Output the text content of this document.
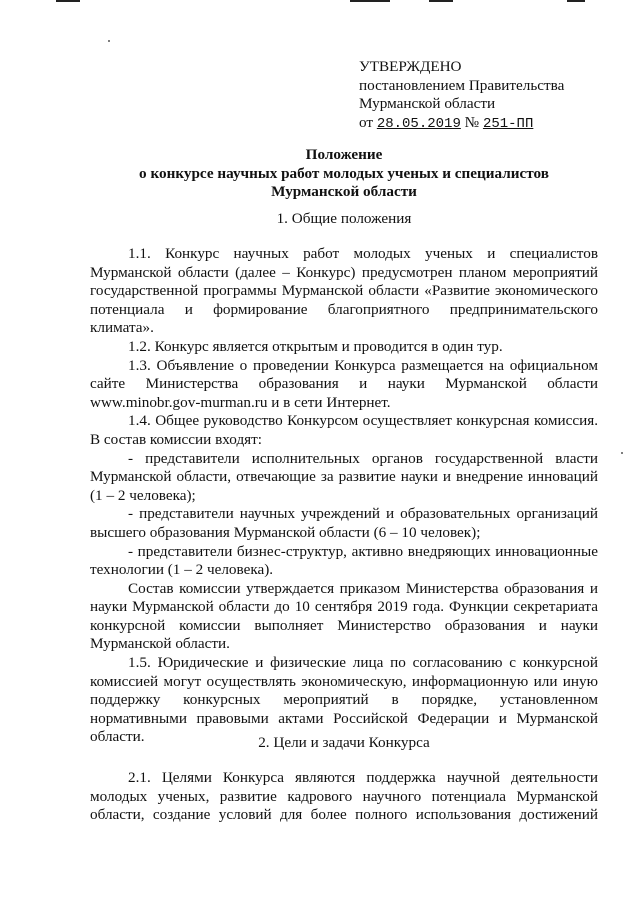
УТВЕРЖДЕНО
постановлением Правительства
Мурманской области
от 28.05.2019 № 251-ПП
Положение
о конкурсе научных работ молодых ученых и специалистов
Мурманской области
1. Общие положения

1.1. Конкурс научных работ молодых ученых и специалистов Мурманской области (далее – Конкурс) предусмотрен планом мероприятий государственной программы Мурманской области «Развитие экономического потенциала и формирование благоприятного предпринимательского климата».

1.2. Конкурс является открытым и проводится в один тур.

1.3. Объявление о проведении Конкурса размещается на официальном сайте Министерства образования и науки Мурманской области www.minobr.gov-murman.ru и в сети Интернет.

1.4. Общее руководство Конкурсом осуществляет конкурсная комиссия. В состав комиссии входят:

- представители исполнительных органов государственной власти Мурманской области, отвечающие за развитие науки и внедрение инноваций (1 – 2 человека);

- представители научных учреждений и образовательных организаций высшего образования Мурманской области (6 – 10 человек);

- представители бизнес-структур, активно внедряющих инновационные технологии (1 – 2 человека).

Состав комиссии утверждается приказом Министерства образования и науки Мурманской области до 10 сентября 2019 года. Функции секретариата конкурсной комиссии выполняет Министерство образования и науки Мурманской области.

1.5. Юридические и физические лица по согласованию с конкурсной комиссией могут осуществлять экономическую, информационную или иную поддержку конкурсных мероприятий в порядке, установленном нормативными правовыми актами Российской Федерации и Мурманской области.	2. Цели и задачи Конкурса

2.1. Целями Конкурса являются поддержка научной деятельности молодых ученых, развитие кадрового научного потенциала Мурманской области, создание условий для более полного использования достижений
